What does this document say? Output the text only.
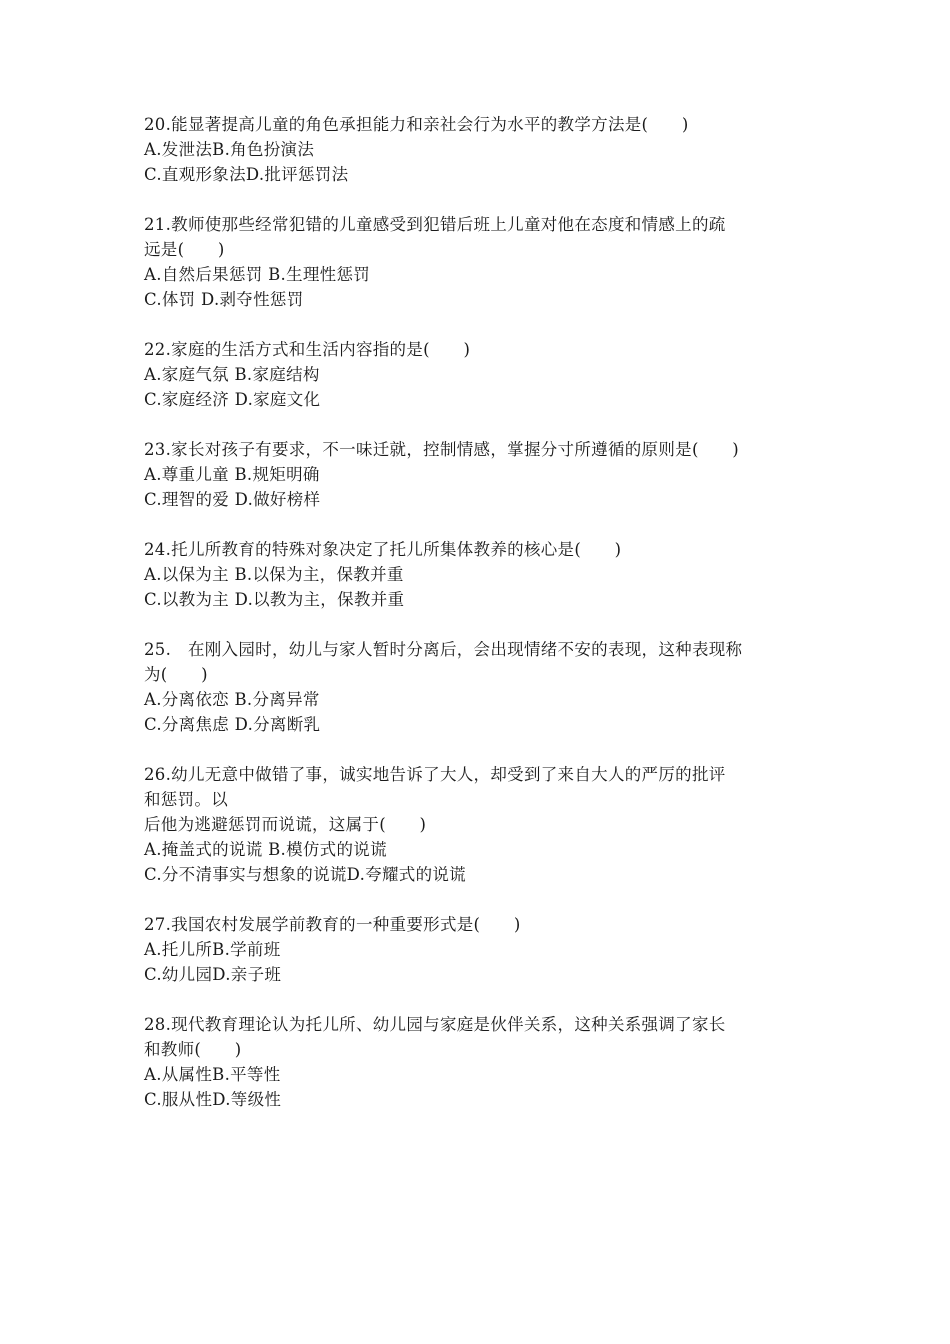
20.能显著提高儿童的角色承担能力和亲社会行为水平的教学方法是(　　)
A.发泄法B.角色扮演法
C.直观形象法D.批评惩罚法
21.教师使那些经常犯错的儿童感受到犯错后班上儿童对他在态度和情感上的疏
远是(　　)
A.自然后果惩罚 B.生理性惩罚
C.体罚 D.剥夺性惩罚
22.家庭的生活方式和生活内容指的是(　　)
A.家庭气氛 B.家庭结构
C.家庭经济 D.家庭文化
23.家长对孩子有要求，不一味迁就，控制情感，掌握分寸所遵循的原则是(　　)
A.尊重儿童 B.规矩明确
C.理智的爱 D.做好榜样
24.托儿所教育的特殊对象决定了托儿所集体教养的核心是(　　)
A.以保为主 B.以保为主，保教并重
C.以教为主 D.以教为主，保教并重
25.　在刚入园时，幼儿与家人暂时分离后，会出现情绪不安的表现，这种表现称
为(　　)
A.分离依恋 B.分离异常
C.分离焦虑 D.分离断乳
26.幼儿无意中做错了事，诚实地告诉了大人，却受到了来自大人的严厉的批评
和惩罚。以
后他为逃避惩罚而说谎，这属于(　　)
A.掩盖式的说谎 B.模仿式的说谎
C.分不清事实与想象的说谎D.夸耀式的说谎
27.我国农村发展学前教育的一种重要形式是(　　)
A.托儿所B.学前班
C.幼儿园D.亲子班
28.现代教育理论认为托儿所、幼儿园与家庭是伙伴关系，这种关系强调了家长
和教师(　　)
A.从属性B.平等性
C.服从性D.等级性
